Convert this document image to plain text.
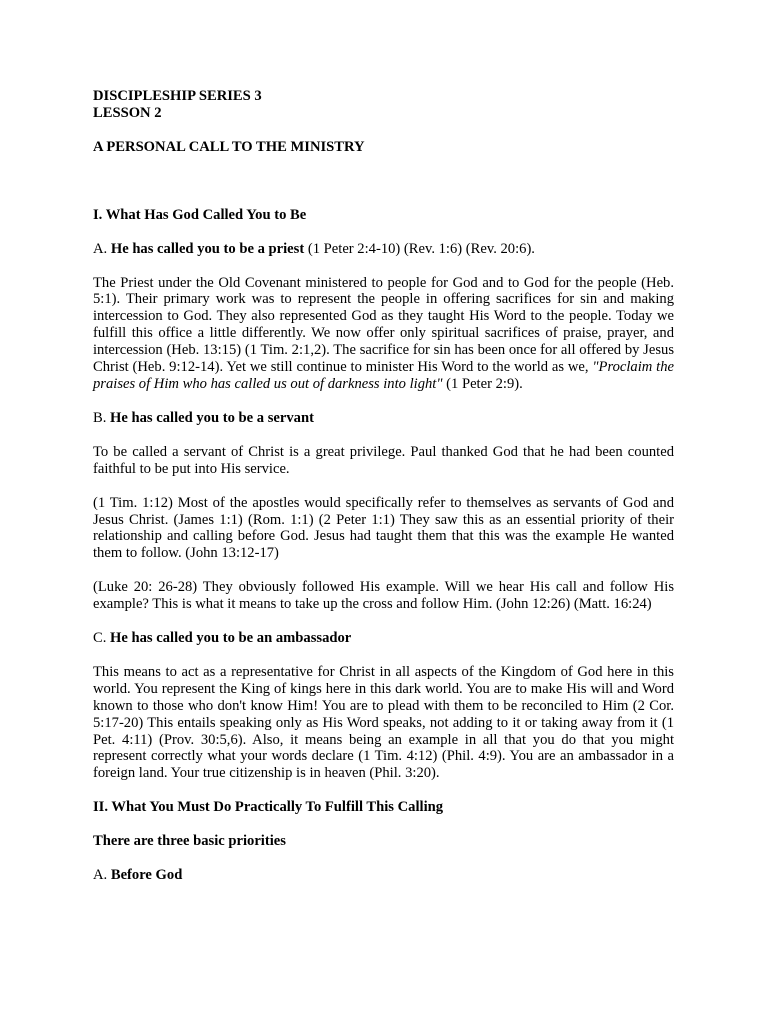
DISCIPLESHIP SERIES 3

LESSON 2

A PERSONAL CALL TO THE MINISTRY

I. What Has God Called You to Be

A. He has called you to be a priest (1 Peter 2:4-10) (Rev. 1:6) (Rev. 20:6).

The Priest under the Old Covenant ministered to people for God and to God for the people (Heb. 5:1). Their primary work was to represent the people in offering sacrifices for sin and making intercession to God. They also represented God as they taught His Word to the people. Today we fulfill this office a little differently. We now offer only spiritual sacrifices of praise, prayer, and intercession (Heb. 13:15) (1 Tim. 2:1,2). The sacrifice for sin has been once for all offered by Jesus Christ (Heb. 9:12-14). Yet we still continue to minister His Word to the world as we, "Proclaim the praises of Him who has called us out of darkness into light" (1 Peter 2:9).

B. He has called you to be a servant

To be called a servant of Christ is a great privilege. Paul thanked God that he had been counted faithful to be put into His service.

(1 Tim. 1:12) Most of the apostles would specifically refer to themselves as servants of God and Jesus Christ. (James 1:1) (Rom. 1:1) (2 Peter 1:1) They saw this as an essential priority of their relationship and calling before God. Jesus had taught them that this was the example He wanted them to follow. (John 13:12-17)

(Luke 20: 26-28) They obviously followed His example. Will we hear His call and follow His example? This is what it means to take up the cross and follow Him. (John 12:26) (Matt. 16:24)

C. He has called you to be an ambassador

This means to act as a representative for Christ in all aspects of the Kingdom of God here in this world. You represent the King of kings here in this dark world. You are to make His will and Word known to those who don't know Him! You are to plead with them to be reconciled to Him (2 Cor. 5:17-20) This entails speaking only as His Word speaks, not adding to it or taking away from it (1 Pet. 4:11) (Prov. 30:5,6). Also, it means being an example in all that you do that you might represent correctly what your words declare (1 Tim. 4:12) (Phil. 4:9). You are an ambassador in a foreign land. Your true citizenship is in heaven (Phil. 3:20).

II. What You Must Do Practically To Fulfill This Calling

There are three basic priorities

A. Before God
